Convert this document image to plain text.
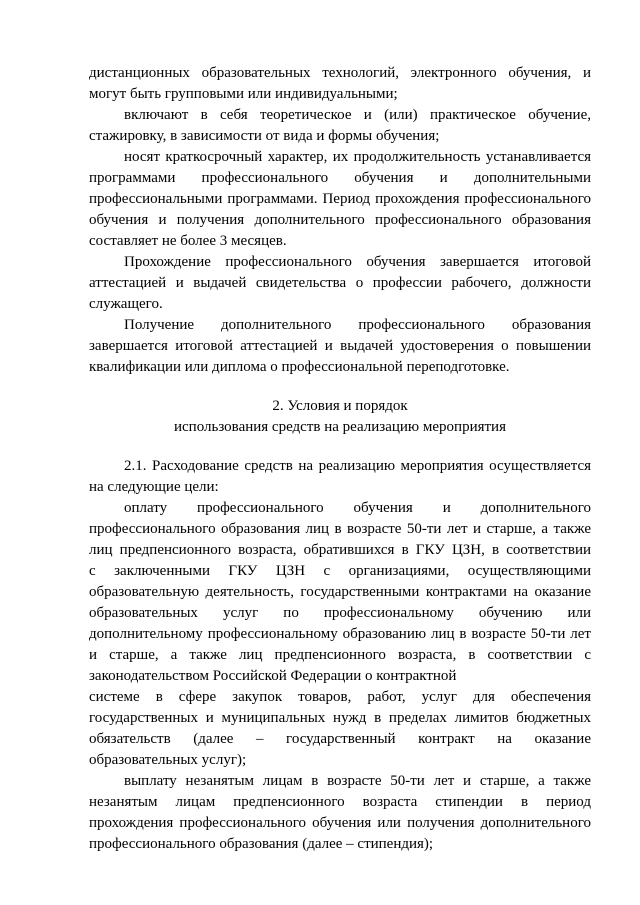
дистанционных образовательных технологий, электронного обучения, и
могут быть групповыми или индивидуальными;
включают в себя теоретическое и (или) практическое обучение,
стажировку, в зависимости от вида и формы обучения;
носят краткосрочный характер, их продолжительность устанавливается
программами профессионального обучения и дополнительными
профессиональными программами. Период прохождения профессионального
обучения и получения дополнительного профессионального образования
составляет не более 3 месяцев.
Прохождение профессионального обучения завершается итоговой
аттестацией и выдачей свидетельства о профессии рабочего, должности
служащего.
Получение дополнительного профессионального образования
завершается итоговой аттестацией и выдачей удостоверения о повышении
квалификации или диплома о профессиональной переподготовке.
2. Условия и порядок
использования средств на реализацию мероприятия
2.1. Расходование средств на реализацию мероприятия осуществляется
на следующие цели:
оплату профессионального обучения и дополнительного
профессионального образования лиц в возрасте 50-ти лет и старше, а также
лиц предпенсионного возраста, обратившихся в ГКУ ЦЗН, в соответствии
с заключенными ГКУ ЦЗН с организациями, осуществляющими
образовательную деятельность, государственными контрактами на оказание
образовательных услуг по профессиональному обучению или
дополнительному профессиональному образованию лиц в возрасте 50-ти лет
и старше, а также лиц предпенсионного возраста, в соответствии с
законодательством Российской Федерации о контрактной
системе в сфере закупок товаров, работ, услуг для обеспечения
государственных и муниципальных нужд в пределах лимитов бюджетных
обязательств (далее – государственный контракт на оказание
образовательных услуг);
выплату незанятым лицам в возрасте 50-ти лет и старше, а также
незанятым лицам предпенсионного возраста стипендии в период
прохождения профессионального обучения или получения дополнительного
профессионального образования (далее – стипендия);
